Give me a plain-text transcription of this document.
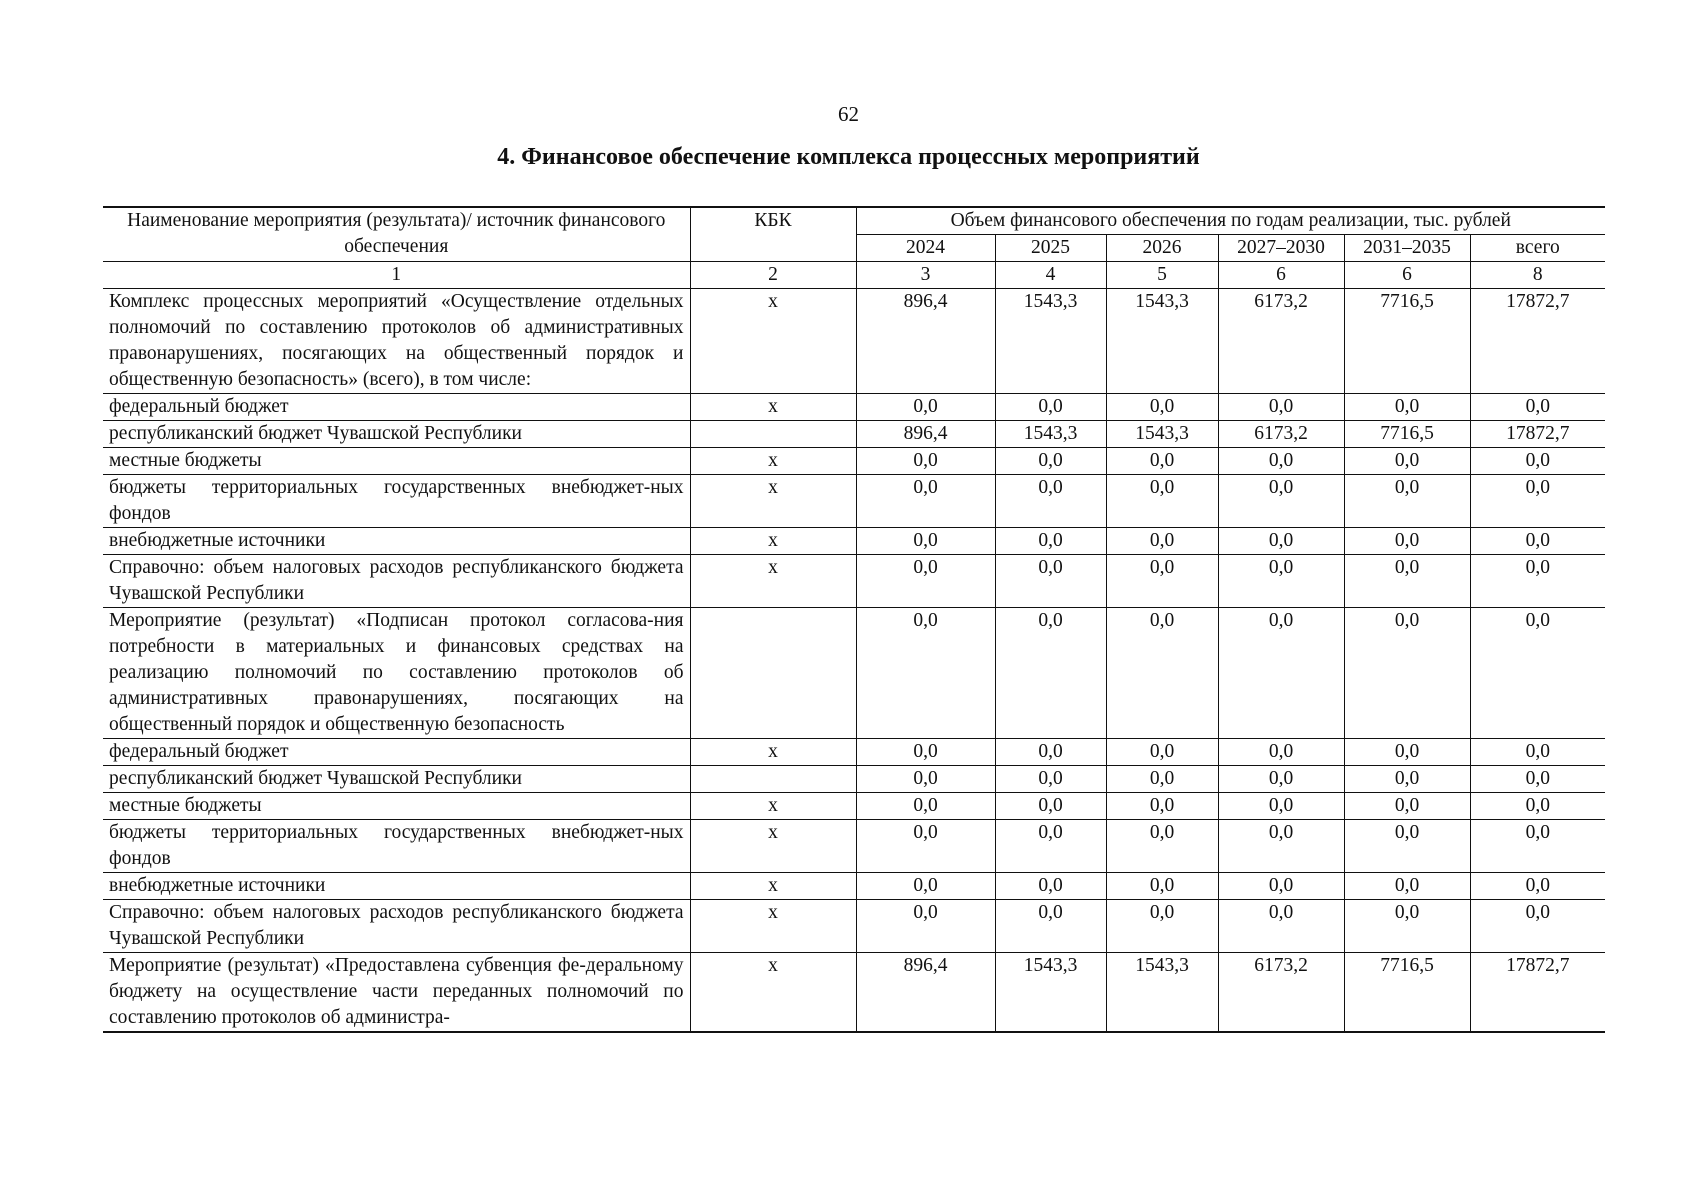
62
4. Финансовое обеспечение комплекса процессных мероприятий
Наименование мероприятия (результата)/ источник финансового обеспечения	КБК	Объем финансового обеспечения по годам реализации, тыс. рублей					
		2024	2025	2026	2027–2030	2031–2035	всего
1	2	3	4	5	6	6	8
Комплекс процессных мероприятий «Осуществление отдельных полномочий по составлению протоколов об административных правонарушениях, посягающих на общественный порядок и общественную безопасность» (всего), в том числе:	x	896,4	1543,3	1543,3	6173,2	7716,5	17872,7
федеральный бюджет	x	0,0	0,0	0,0	0,0	0,0	0,0
республиканский бюджет Чувашской Республики		896,4	1543,3	1543,3	6173,2	7716,5	17872,7
местные бюджеты	x	0,0	0,0	0,0	0,0	0,0	0,0
бюджеты территориальных государственных внебюджет-ных фондов	x	0,0	0,0	0,0	0,0	0,0	0,0
внебюджетные источники	x	0,0	0,0	0,0	0,0	0,0	0,0
Справочно: объем налоговых расходов республиканского бюджета Чувашской Республики	x	0,0	0,0	0,0	0,0	0,0	0,0
Мероприятие (результат) «Подписан протокол согласова-ния потребности в материальных и финансовых средствах на реализацию полномочий по составлению протоколов об административных правонарушениях, посягающих на общественный порядок и общественную безопасность		0,0	0,0	0,0	0,0	0,0	0,0
федеральный бюджет	x	0,0	0,0	0,0	0,0	0,0	0,0
республиканский бюджет Чувашской Республики		0,0	0,0	0,0	0,0	0,0	0,0
местные бюджеты	x	0,0	0,0	0,0	0,0	0,0	0,0
бюджеты территориальных государственных внебюджет-ных фондов	x	0,0	0,0	0,0	0,0	0,0	0,0
внебюджетные источники	x	0,0	0,0	0,0	0,0	0,0	0,0
Справочно: объем налоговых расходов республиканского бюджета Чувашской Республики	x	0,0	0,0	0,0	0,0	0,0	0,0
Мероприятие (результат) «Предоставлена субвенция фе-деральному бюджету на осуществление части переданных полномочий по составлению протоколов об администра-	x	896,4	1543,3	1543,3	6173,2	7716,5	17872,7
